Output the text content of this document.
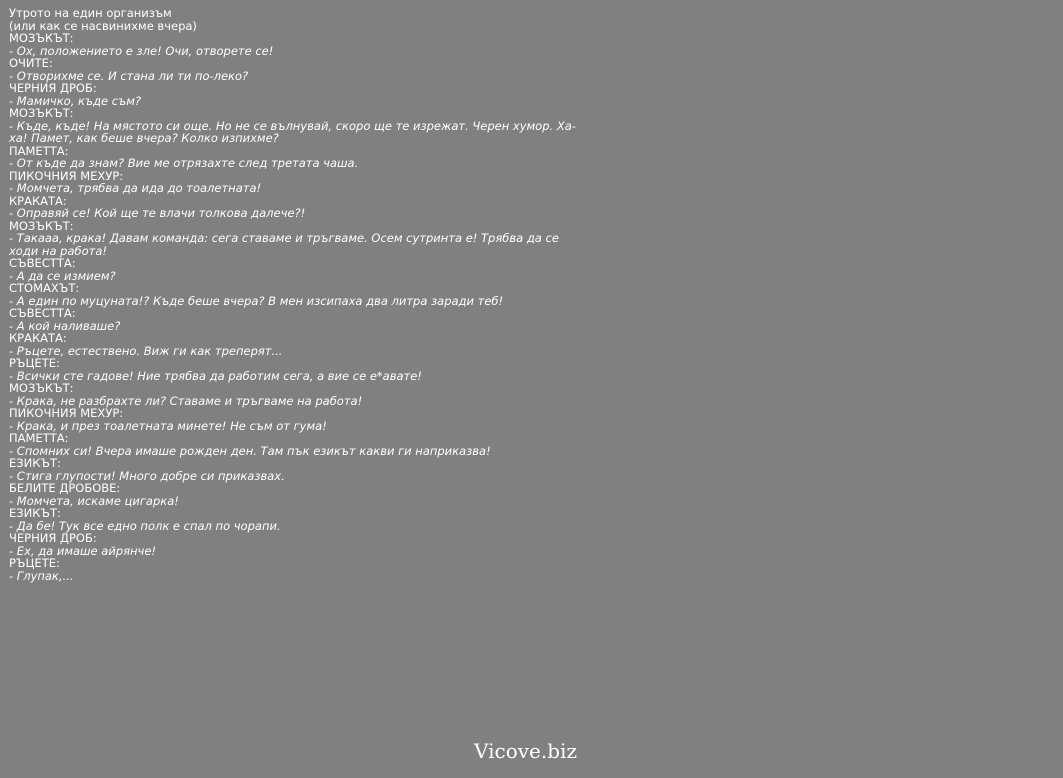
Утрото на един организъм
(или как се насвинихме вчера)
МОЗЪКЪТ:
- Ох, положението е зле! Очи, отворете се!
ОЧИТЕ:
- Отворихме се. И стана ли ти по-леко?
ЧЕРНИЯ ДРОБ:
- Мамичко, къде съм?
МОЗЪКЪТ:
- Къде, къде! На мястото си още. Но не се вълнувай, скоро ще те изрежат. Черен хумор. Ха-ха! Памет, как беше вчера? Колко изпихме?
ПАМЕТТА:
- От къде да знам? Вие ме отрязахте след третата чаша.
ПИКОЧНИЯ МЕХУР:
- Момчета, трябва да ида до тоалетната!
КРАКАТА:
- Оправяй се! Кой ще те влачи толкова далече?!
МОЗЪКЪТ:
- Такааа, крака! Давам команда: сега ставаме и тръгваме. Осем сутринта е! Трябва да се ходи на работа!
СЪВЕСТТА:
- А да се измием?
СТОМАХЪТ:
- А един по муцуната!? Къде беше вчера? В мен изсипаха два литра заради теб!
СЪВЕСТТА:
- А кой наливаше?
КРАКАТА:
- Ръцете, естествено. Виж ги как треперят...
РЪЦЕТЕ:
- Всички сте гадове! Ние трябва да работим сега, а вие се е*авате!
МОЗЪКЪТ:
- Крака, не разбрахте ли? Ставаме и тръгваме на работа!
ПИКОЧНИЯ МЕХУР:
- Крака, и през тоалетната минете! Не съм от гума!
ПАМЕТТА:
- Спомних си! Вчера имаше рожден ден. Там пък езикът какви ги наприказва!
ЕЗИКЪТ:
- Стига глупости! Много добре си приказвах.
БЕЛИТЕ ДРОБОВЕ:
- Момчета, искаме цигарка!
ЕЗИКЪТ:
- Да бе! Тук все едно полк е спал по чорапи.
ЧЕРНИЯ ДРОБ:
- Ех, да имаше айрянче!
РЪЦЕТЕ:
- Глупак,...
Vicove.biz
